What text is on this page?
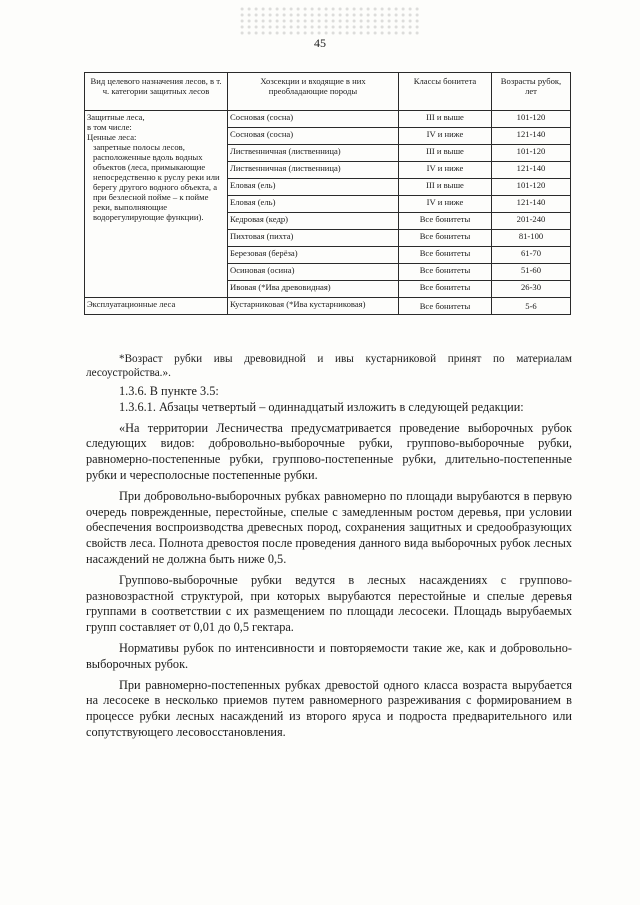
45
Вид целевого назначения лесов, в т. ч. категории защитных лесов	Хозсекции и входящие в них преобладающие породы	Классы бонитета	Возрасты рубок, лет

Защитные леса,
в том числе:
Ценные леса:
запретные полосы лесов, расположенные вдоль водных объектов (леса, примыкающие непосредственно к руслу реки или берегу другого водного объекта, а при безлесной пойме – к пойме реки, выполняющие водорегулирующие функции).	Сосновая (сосна)	III и выше	101-120
	Сосновая (сосна)	IV и ниже	121-140
	Лиственничная (лиственница)	III и выше	101-120
	Лиственничная (лиственница)	IV и ниже	121-140
	Еловая (ель)	III и выше	101-120
	Еловая (ель)	IV и ниже	121-140
	Кедровая (кедр)	Все бонитеты	201-240
	Пихтовая (пихта)	Все бонитеты	81-100
	Березовая (берёза)	Все бонитеты	61-70
	Осиновая (осина)	Все бонитеты	51-60
	Ивовая (*Ива древовидная)	Все бонитеты	26-30
Эксплуатационные леса	Кустарниковая (*Ива кустарниковая)	Все бонитеты	5-6

*Возраст рубки ивы древовидной и ивы кустарниковой принят по материалам лесоустройства.».

1.3.6. В пункте 3.5:

1.3.6.1. Абзацы четвертый – одиннадцатый изложить в следующей редакции:

«На территории Лесничества предусматривается проведение выборочных рубок следующих видов: добровольно-выборочные рубки, группово-выборочные рубки, равномерно-постепенные рубки, группово-постепенные рубки, длительно-постепенные рубки и чересполосные постепенные рубки.

При добровольно-выборочных рубках равномерно по площади вырубаются в первую очередь поврежденные, перестойные, спелые с замедленным ростом деревья, при условии обеспечения воспроизводства древесных пород, сохранения защитных и средообразующих свойств леса. Полнота древостоя после проведения данного вида выборочных рубок лесных насаждений не должна быть ниже 0,5.

Группово-выборочные рубки ведутся в лесных насаждениях с группово-разновозрастной структурой, при которых вырубаются перестойные и спелые деревья группами в соответствии с их размещением по площади лесосеки. Площадь вырубаемых групп составляет от 0,01 до 0,5 гектара.

Нормативы рубок по интенсивности и повторяемости такие же, как и добровольно-выборочных рубок.

При равномерно-постепенных рубках древостой одного класса возраста вырубается на лесосеке в несколько приемов путем равномерного разреживания с формированием в процессе рубки лесных насаждений из второго яруса и подроста предварительного или сопутствующего лесовосстановления.
